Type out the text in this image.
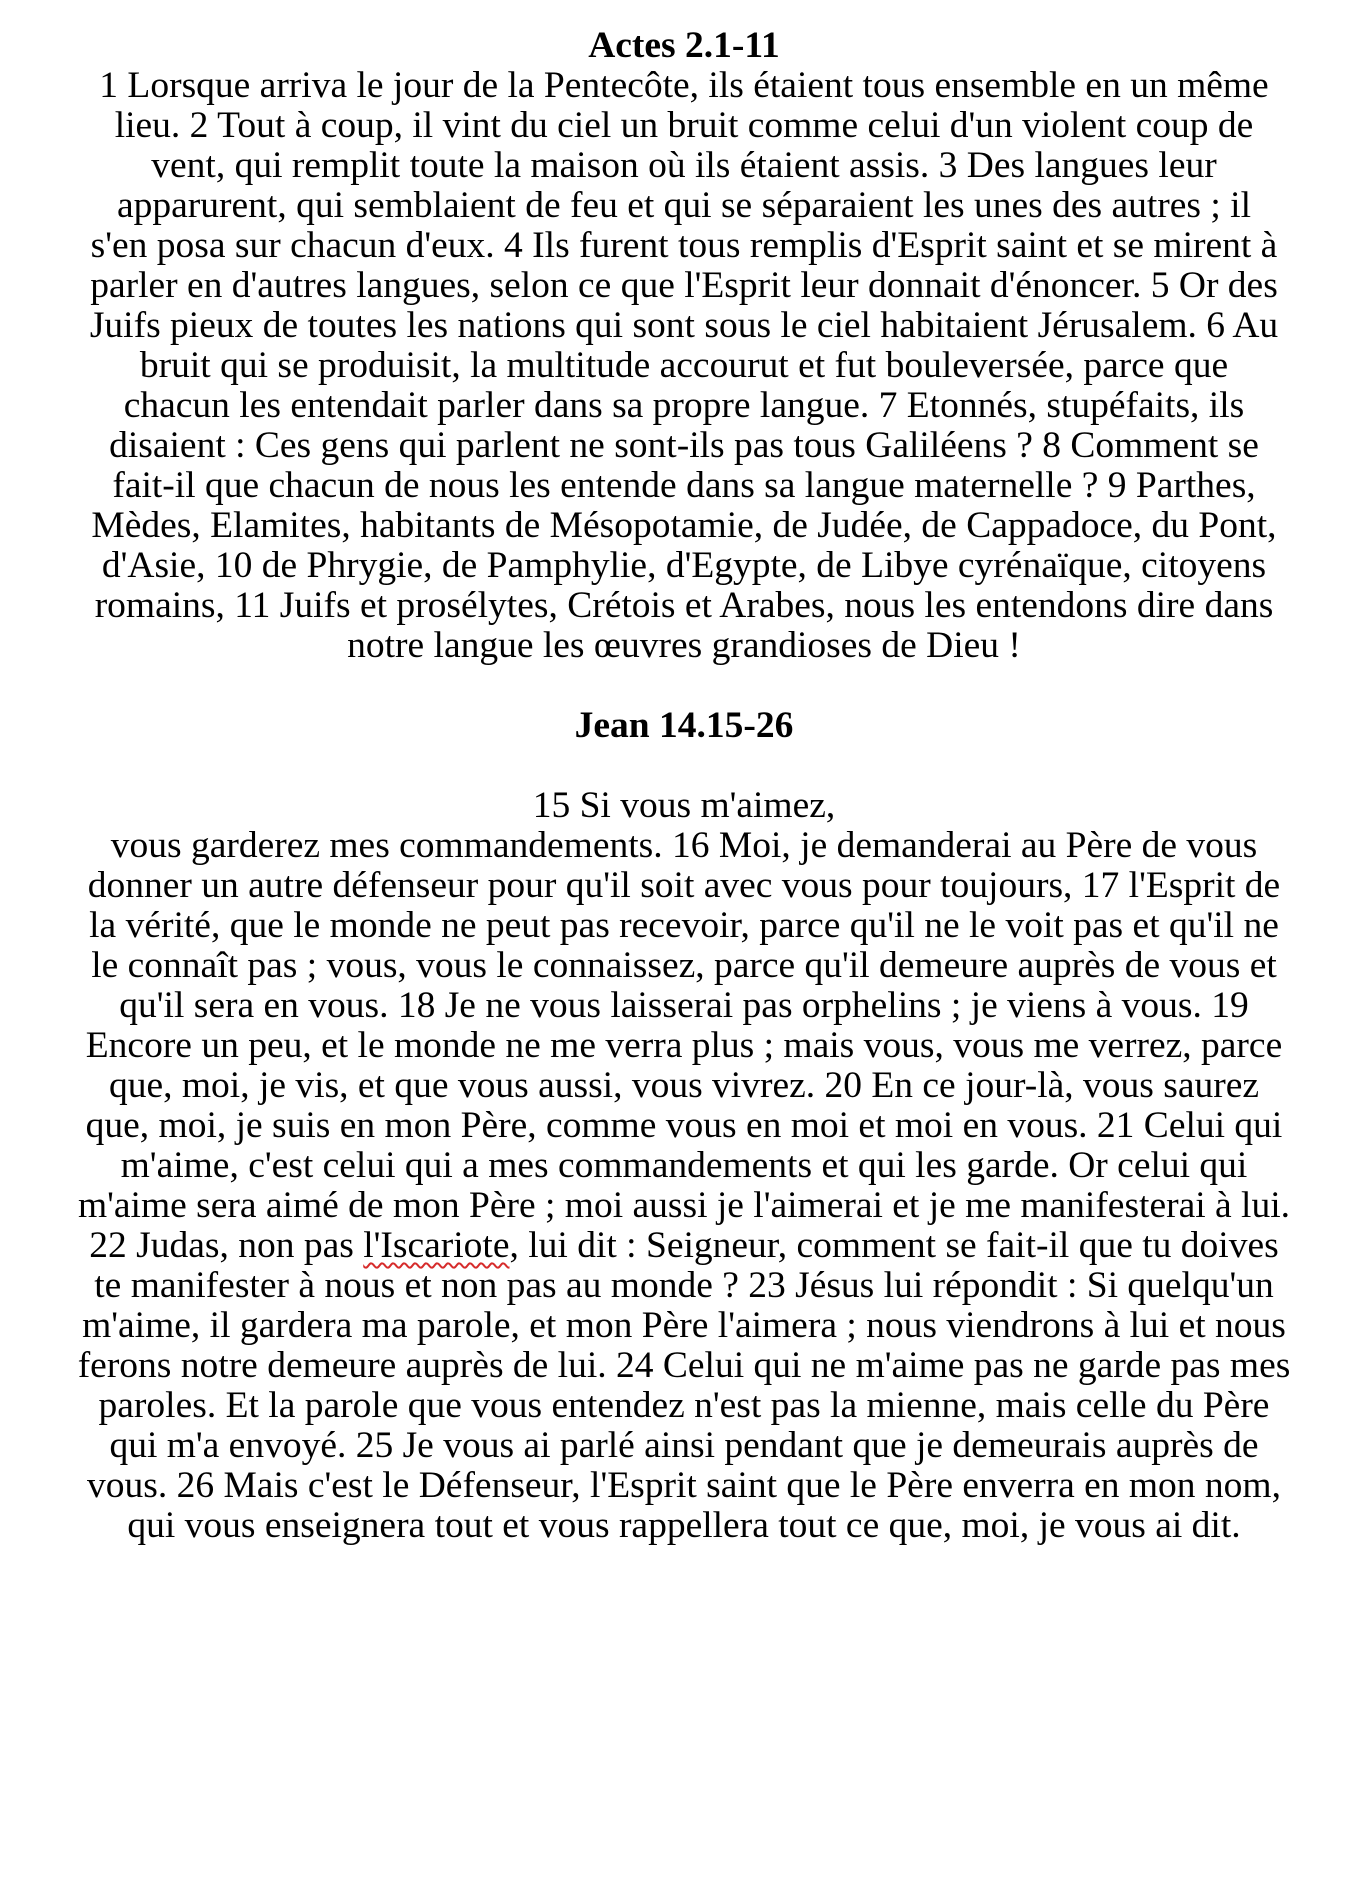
Actes 2.1-11
1 Lorsque arriva le jour de la Pentecôte, ils étaient tous ensemble en un même
lieu. 2 Tout à coup, il vint du ciel un bruit comme celui d'un violent coup de
vent, qui remplit toute la maison où ils étaient assis. 3 Des langues leur
apparurent, qui semblaient de feu et qui se séparaient les unes des autres ; il
s'en posa sur chacun d'eux. 4 Ils furent tous remplis d'Esprit saint et se mirent à
parler en d'autres langues, selon ce que l'Esprit leur donnait d'énoncer. 5 Or des
Juifs pieux de toutes les nations qui sont sous le ciel habitaient Jérusalem. 6 Au
bruit qui se produisit, la multitude accourut et fut bouleversée, parce que
chacun les entendait parler dans sa propre langue. 7 Etonnés, stupéfaits, ils
disaient : Ces gens qui parlent ne sont-ils pas tous Galiléens ? 8 Comment se
fait-il que chacun de nous les entende dans sa langue maternelle ? 9 Parthes,
Mèdes, Elamites, habitants de Mésopotamie, de Judée, de Cappadoce, du Pont,
d'Asie, 10 de Phrygie, de Pamphylie, d'Egypte, de Libye cyrénaïque, citoyens
romains, 11 Juifs et prosélytes, Crétois et Arabes, nous les entendons dire dans
notre langue les œuvres grandioses de Dieu !
Jean 14.15-26
15 Si vous m'aimez,
vous garderez mes commandements. 16 Moi, je demanderai au Père de vous
donner un autre défenseur pour qu'il soit avec vous pour toujours, 17 l'Esprit de
la vérité, que le monde ne peut pas recevoir, parce qu'il ne le voit pas et qu'il ne
le connaît pas ; vous, vous le connaissez, parce qu'il demeure auprès de vous et
qu'il sera en vous. 18 Je ne vous laisserai pas orphelins ; je viens à vous. 19
Encore un peu, et le monde ne me verra plus ; mais vous, vous me verrez, parce
que, moi, je vis, et que vous aussi, vous vivrez. 20 En ce jour-là, vous saurez
que, moi, je suis en mon Père, comme vous en moi et moi en vous. 21 Celui qui
m'aime, c'est celui qui a mes commandements et qui les garde. Or celui qui
m'aime sera aimé de mon Père ; moi aussi je l'aimerai et je me manifesterai à lui.
22 Judas, non pas l'Iscariote, lui dit : Seigneur, comment se fait-il que tu doives
te manifester à nous et non pas au monde ? 23 Jésus lui répondit : Si quelqu'un
m'aime, il gardera ma parole, et mon Père l'aimera ; nous viendrons à lui et nous
ferons notre demeure auprès de lui. 24 Celui qui ne m'aime pas ne garde pas mes
paroles. Et la parole que vous entendez n'est pas la mienne, mais celle du Père
qui m'a envoyé. 25 Je vous ai parlé ainsi pendant que je demeurais auprès de
vous. 26 Mais c'est le Défenseur, l'Esprit saint que le Père enverra en mon nom,
qui vous enseignera tout et vous rappellera tout ce que, moi, je vous ai dit.
